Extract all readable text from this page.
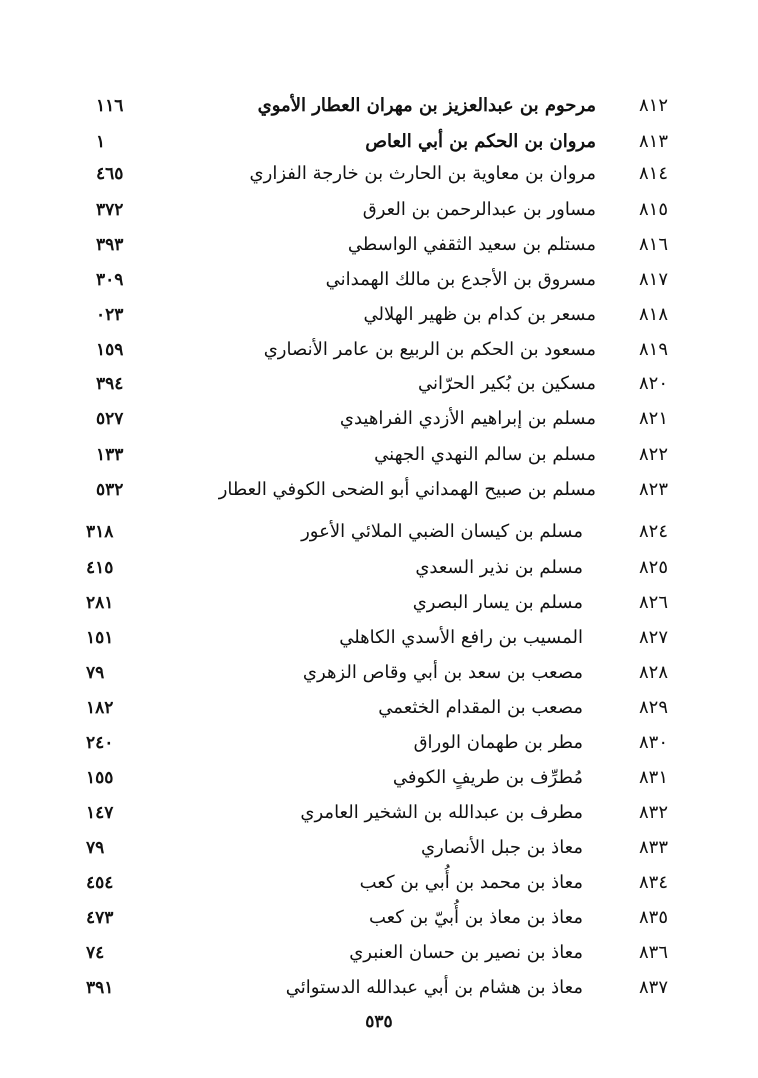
٨١٢
مرحوم بن عبدالعزيز بن مهران العطار الأموي
١١٦
٨١٣
مروان بن الحكم بن أبي العاص
١
٨١٤
مروان بن معاوية بن الحارث بن خارجة الفزاري
٤٦٥
٨١٥
مساور بن عبدالرحمن بن العرق
٣٧٢
٨١٦
مستلم بن سعيد الثقفي الواسطي
٣٩٣
٨١٧
مسروق بن الأجدع بن مالك الهمداني
٣٠٩
٨١٨
مسعر بن كدام بن ظهير الهلالي
٠٢٣
٨١٩
مسعود بن الحكم بن الربيع بن عامر الأنصاري
١٥٩
٨٢٠
مسكين بن بُكير الحرّاني
٣٩٤
٨٢١
مسلم بن إبراهيم الأزدي الفراهيدي
٥٢٧
٨٢٢
مسلم بن سالم النهدي الجهني
١٣٣
٨٢٣
مسلم بن صبيح الهمداني أبو الضحى الكوفي العطار
٥٣٢
٨٢٤
مسلم بن كيسان الضبي الملائي الأعور
٣١٨
٨٢٥
مسلم بن نذير السعدي
٤١٥
٨٢٦
مسلم بن يسار البصري
٢٨١
٨٢٧
المسيب بن رافع الأسدي الكاهلي
١٥١
٨٢٨
مصعب بن سعد بن أبي وقاص الزهري
٧٩
٨٢٩
مصعب بن المقدام الخثعمي
١٨٢
٨٣٠
مطر بن طهمان الوراق
٢٤٠
٨٣١
مُطرِّف بن طريفٍ الكوفي
١٥٥
٨٣٢
مطرف بن عبدالله بن الشخير العامري
١٤٧
٨٣٣
معاذ بن جبل الأنصاري
٧٩
٨٣٤
معاذ بن محمد بن أُبي بن كعب
٤٥٤
٨٣٥
معاذ بن معاذ بن أُبيّ بن كعب
٤٧٣
٨٣٦
معاذ بن نصير بن حسان العنبري
٧٤
٨٣٧
معاذ بن هشام بن أبي عبدالله الدستوائي
٣٩١
٥٣٥
